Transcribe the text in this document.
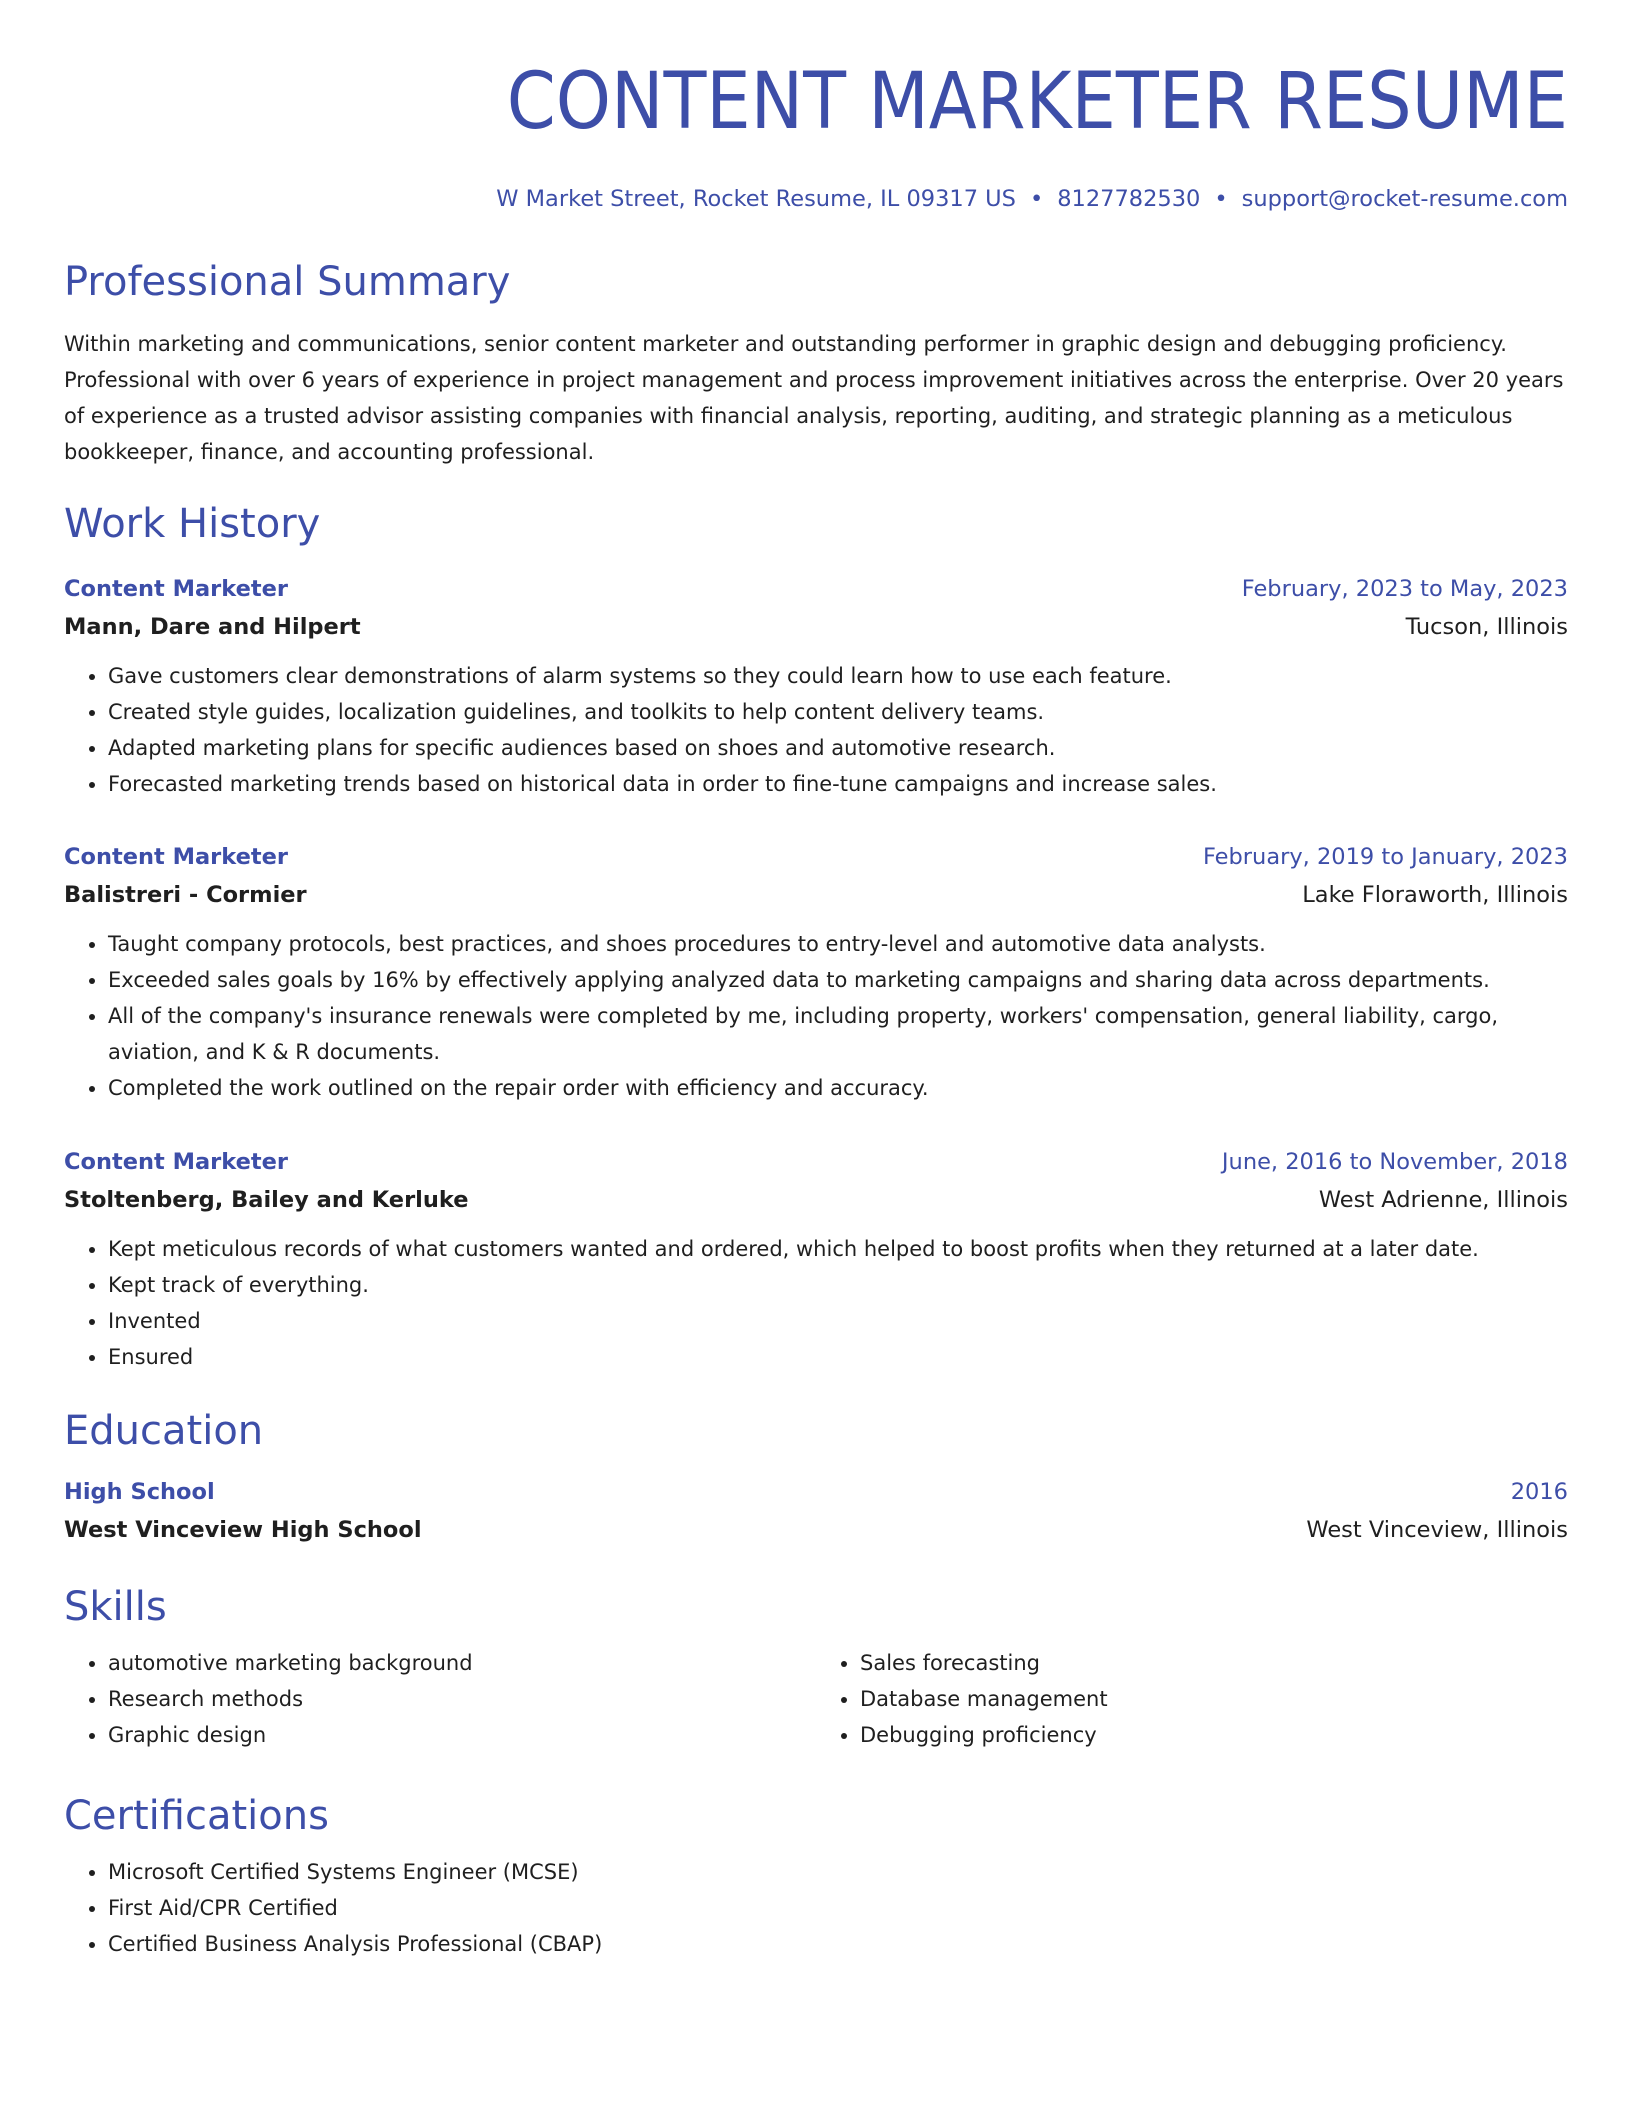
CONTENT MARKETER RESUME
W Market Street, Rocket Resume, IL 09317 US • 8127782530 • support@rocket-resume.com
Professional Summary

Within marketing and communications, senior content marketer and outstanding performer in graphic design and debugging proficiency. Professional with over 6 years of experience in project management and process improvement initiatives across the enterprise. Over 20 years of experience as a trusted advisor assisting companies with financial analysis, reporting, auditing, and strategic planning as a meticulous bookkeeper, finance, and accounting professional.

Work History
Content Marketer	February, 2023 to May, 2023
Mann, Dare and Hilpert	Tucson, Illinois
• Gave customers clear demonstrations of alarm systems so they could learn how to use each feature.
• Created style guides, localization guidelines, and toolkits to help content delivery teams.
• Adapted marketing plans for specific audiences based on shoes and automotive research.
• Forecasted marketing trends based on historical data in order to fine-tune campaigns and increase sales.
Content Marketer	February, 2019 to January, 2023
Balistreri - Cormier	Lake Floraworth, Illinois
• Taught company protocols, best practices, and shoes procedures to entry-level and automotive data analysts.
• Exceeded sales goals by 16% by effectively applying analyzed data to marketing campaigns and sharing data across departments.
• All of the company's insurance renewals were completed by me, including property, workers' compensation, general liability, cargo, aviation, and K & R documents.
• Completed the work outlined on the repair order with efficiency and accuracy.
Content Marketer	June, 2016 to November, 2018
Stoltenberg, Bailey and Kerluke	West Adrienne, Illinois
• Kept meticulous records of what customers wanted and ordered, which helped to boost profits when they returned at a later date.
• Kept track of everything.
• Invented
• Ensured
Education
High School	2016
West Vinceview High School	West Vinceview, Illinois
Skills
• automotive marketing background
• Research methods
• Graphic design
• Sales forecasting
• Database management
• Debugging proficiency
Certifications
• Microsoft Certified Systems Engineer (MCSE)
• First Aid/CPR Certified
• Certified Business Analysis Professional (CBAP)
